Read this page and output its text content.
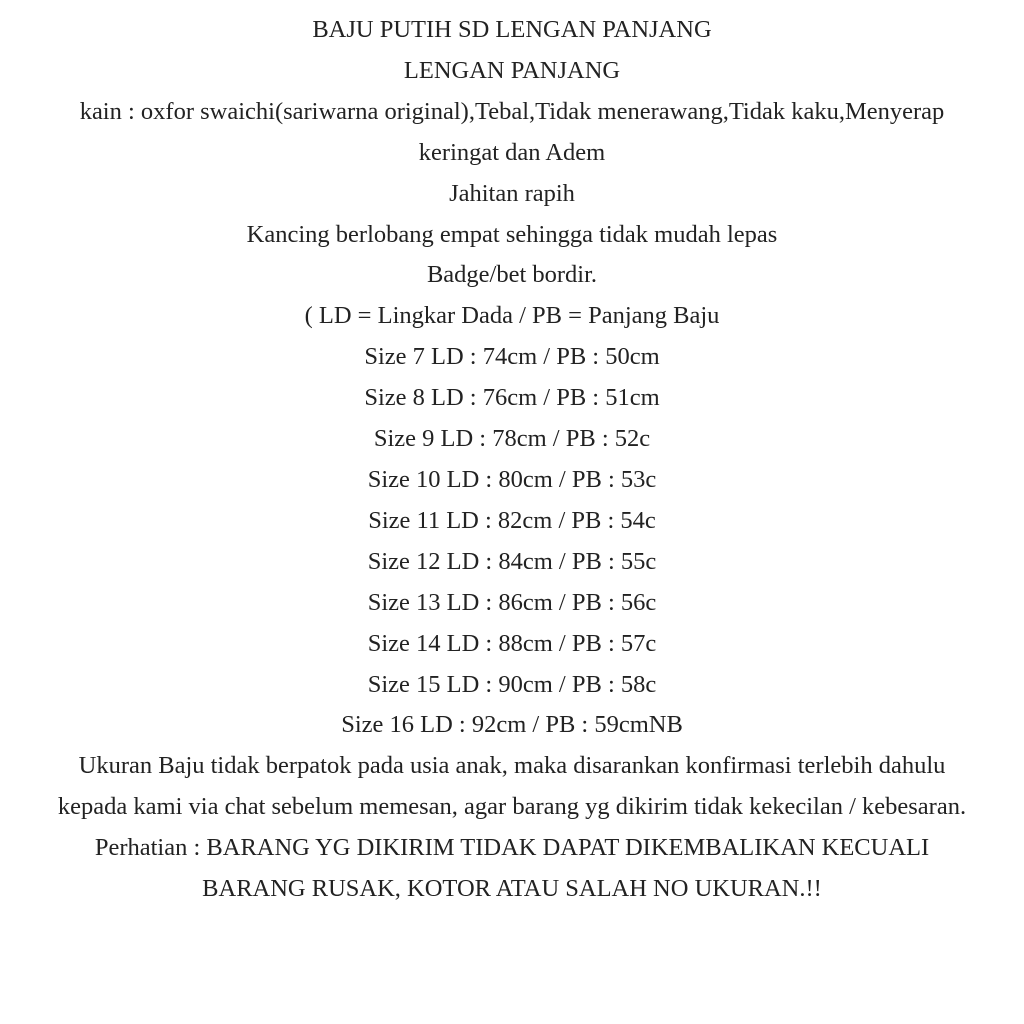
BAJU PUTIH SD LENGAN PANJANG
LENGAN PANJANG
kain : oxfor swaichi(sariwarna original),Tebal,Tidak menerawang,Tidak kaku,Menyerap
keringat dan Adem
Jahitan rapih
Kancing berlobang empat sehingga tidak mudah lepas
Badge/bet bordir.
( LD = Lingkar Dada / PB = Panjang Baju
Size 7 LD : 74cm / PB : 50cm
Size 8 LD : 76cm / PB : 51cm
Size 9 LD : 78cm / PB : 52c
Size 10 LD : 80cm / PB : 53c
Size 11 LD : 82cm / PB : 54c
Size 12 LD : 84cm / PB : 55c
Size 13 LD : 86cm / PB : 56c
Size 14 LD : 88cm / PB : 57c
Size 15 LD : 90cm / PB : 58c
Size 16 LD : 92cm / PB : 59cmNB
Ukuran Baju tidak berpatok pada usia anak, maka disarankan konfirmasi terlebih dahulu
kepada kami via chat sebelum memesan, agar barang yg dikirim tidak kekecilan / kebesaran.
Perhatian : BARANG YG DIKIRIM TIDAK DAPAT DIKEMBALIKAN KECUALI
BARANG RUSAK, KOTOR ATAU SALAH NO UKURAN.!!
